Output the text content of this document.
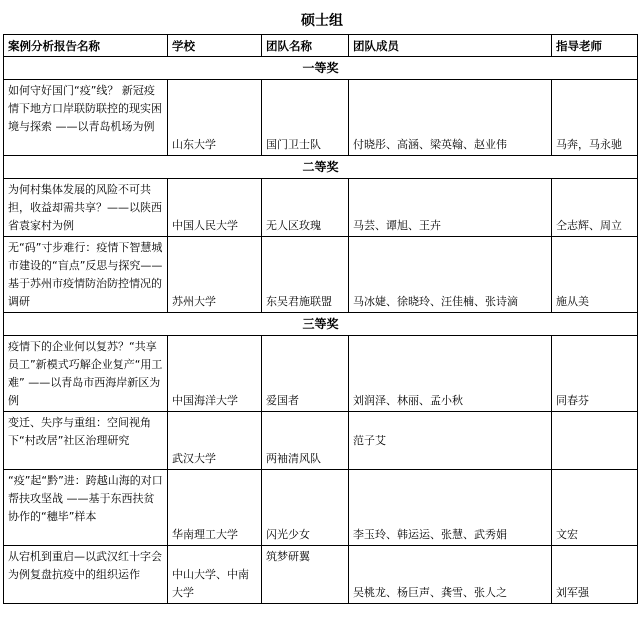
硕士组
案例分析报告名称	学校	团队名称	团队成员	指导老师
一等奖				
如何守好国门“疫”线？ 新冠疫情下地方口岸联防联控的现实困境与探索 ——以青岛机场为例	山东大学	国门卫士队	付晓彤、高涵、梁英翰、赵业伟	马奔，马永驰
二等奖				
为何村集体发展的风险不可共担，收益却需共享？——以陕西省袁家村为例	中国人民大学	无人区玫瑰	马芸、谭旭、王卉	仝志辉、周立
无“码”寸步难行：疫情下智慧城市建设的“盲点”反思与探究——基于苏州市疫情防治防控情况的调研	苏州大学	东吴君施联盟	马冰婕、徐晓玲、汪佳楠、张诗滴	施从美
三等奖				
疫情下的企业何以复苏？“共享员工”新模式巧解企业复产“用工难” ——以青岛市西海岸新区为例	中国海洋大学	爱国者	刘润泽、林丽、孟小秋	同春芬
变迁、失序与重组：空间视角下“村改居”社区治理研究	武汉大学	两袖清风队	范子艾	
“疫”起“黔”进：跨越山海的对口帮扶攻坚战 ——基于东西扶贫协作的“穗毕”样本	华南理工大学	闪光少女	李玉玲、韩运运、张慧、武秀娟	文宏
从宕机到重启—以武汉红十字会为例复盘抗疫中的组织运作	中山大学、中南大学	筑梦研翼	吴桃龙、杨巨声、龚雪、张人之	刘军强
